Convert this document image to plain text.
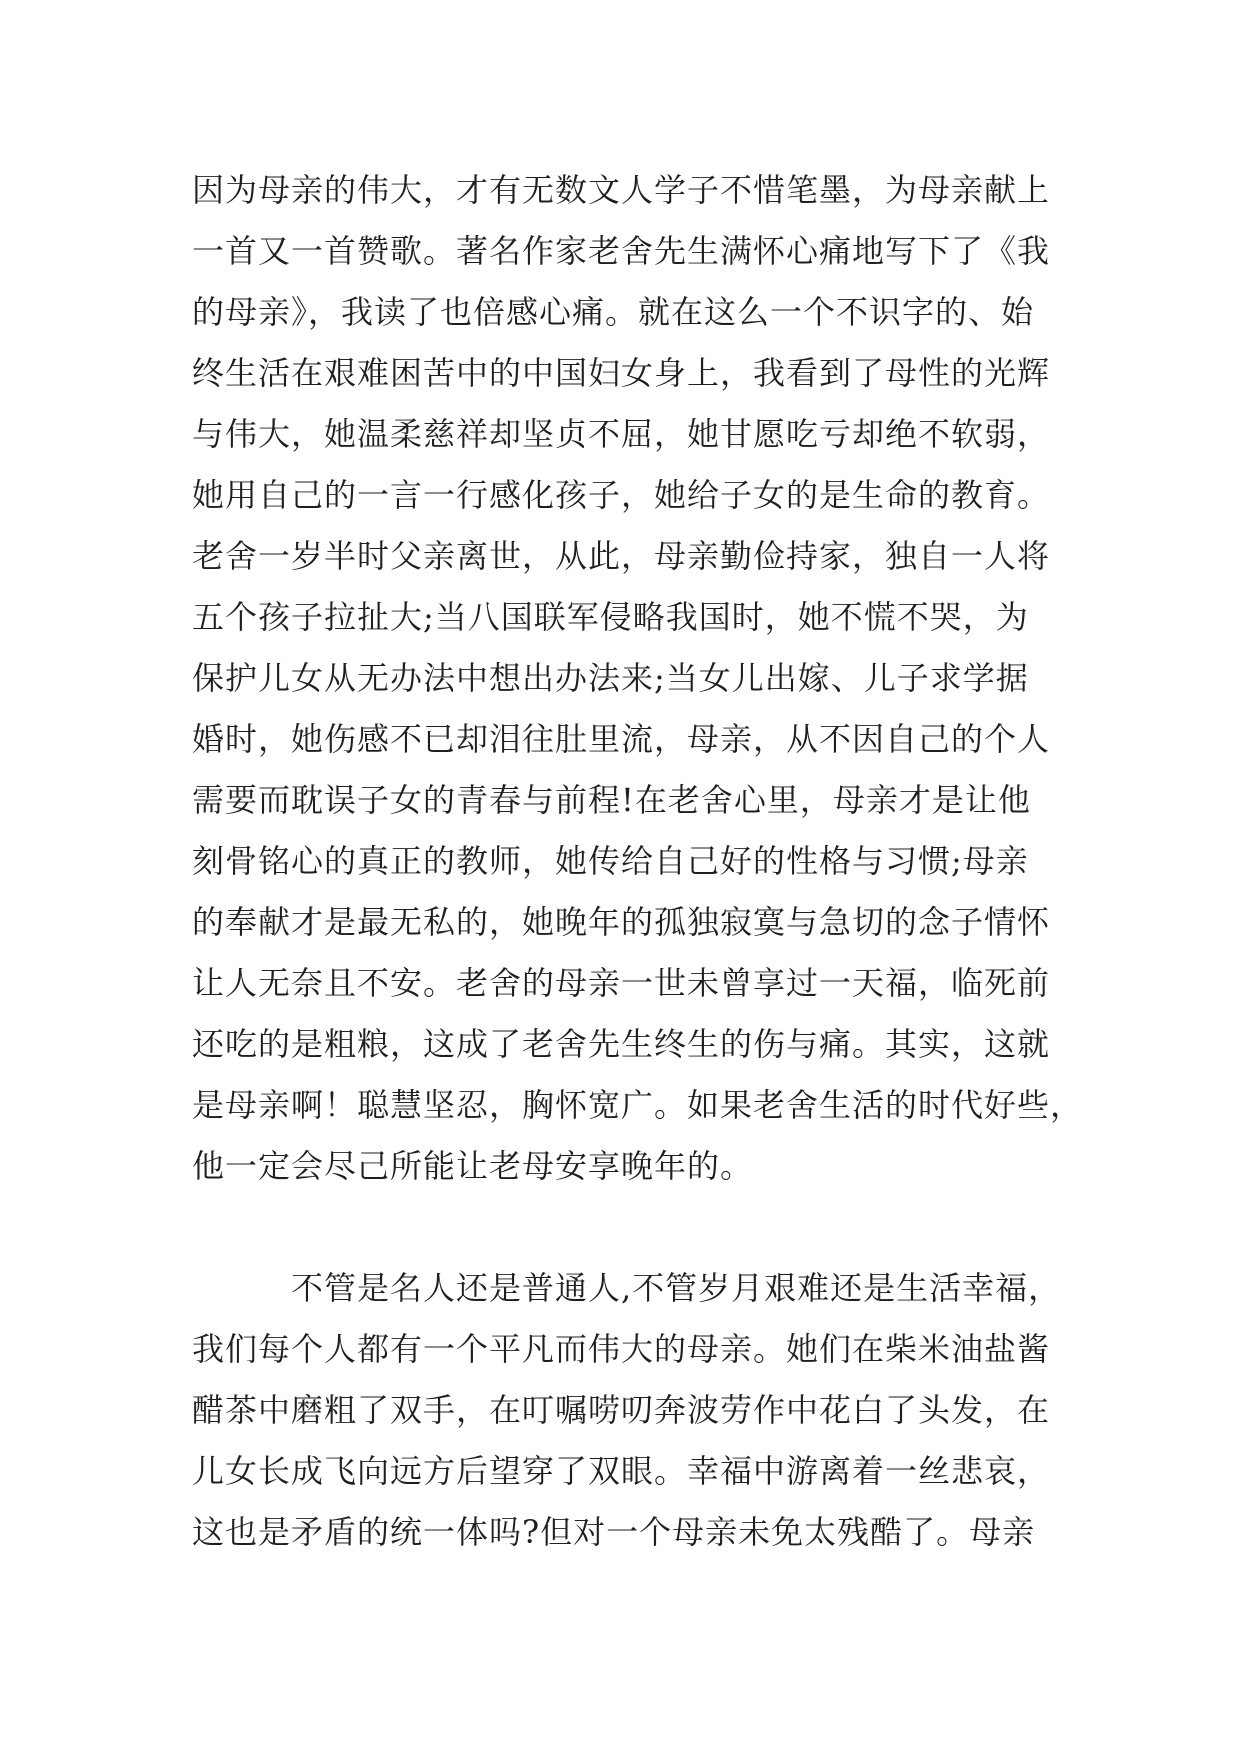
因为母亲的伟大，才有无数文人学子不惜笔墨，为母亲献上
一首又一首赞歌。著名作家老舍先生满怀心痛地写下了《我
的母亲》，我读了也倍感心痛。就在这么一个不识字的、始
终生活在艰难困苦中的中国妇女身上，我看到了母性的光辉
与伟大，她温柔慈祥却坚贞不屈，她甘愿吃亏却绝不软弱，
她用自己的一言一行感化孩子，她给子女的是生命的教育。
老舍一岁半时父亲离世，从此，母亲勤俭持家，独自一人将
五个孩子拉扯大;当八国联军侵略我国时，她不慌不哭，为
保护儿女从无办法中想出办法来;当女儿出嫁、儿子求学据
婚时，她伤感不已却泪往肚里流，母亲，从不因自己的个人
需要而耽误子女的青春与前程!在老舍心里，母亲才是让他
刻骨铭心的真正的教师，她传给自己好的性格与习惯;母亲
的奉献才是最无私的，她晚年的孤独寂寞与急切的念子情怀
让人无奈且不安。老舍的母亲一世未曾享过一天福，临死前
还吃的是粗粮，这成了老舍先生终生的伤与痛。其实，这就
是母亲啊！聪慧坚忍，胸怀宽广。如果老舍生活的时代好些，
他一定会尽己所能让老母安享晚年的。
　　　不管是名人还是普通人,不管岁月艰难还是生活幸福，
我们每个人都有一个平凡而伟大的母亲。她们在柴米油盐酱
醋茶中磨粗了双手，在叮嘱唠叨奔波劳作中花白了头发，在
儿女长成飞向远方后望穿了双眼。幸福中游离着一丝悲哀，
这也是矛盾的统一体吗?但对一个母亲未免太残酷了。母亲
